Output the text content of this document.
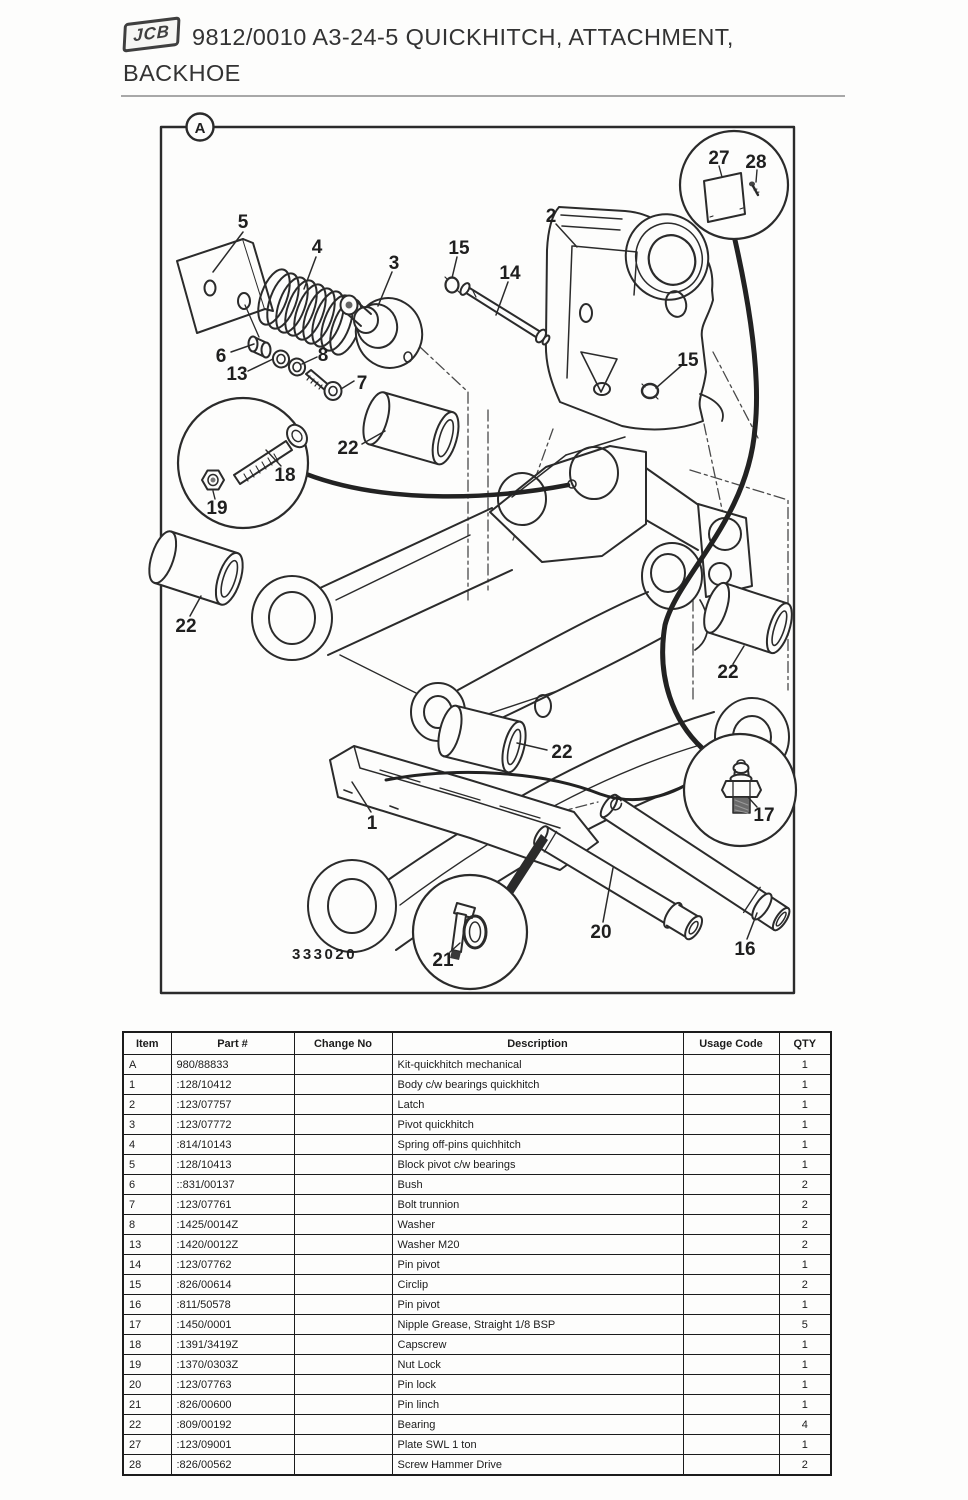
JCB 9812/0010 A3-24-5 QUICKHITCH, ATTACHMENT,
BACKHOE
A
5
4
3
15
14
2
27 28
15
6
13
8
7
22
18
19
22
22
22
1	17
20
16
21
333020
Item	Part #	Change No	Description	Usage Code	QTY
A	980/88833		Kit-quickhitch mechanical		1
1	:128/10412		Body c/w bearings quickhitch		1
2	:123/07757		Latch		1
3	:123/07772		Pivot quickhitch		1
4	:814/10143		Spring off-pins quichhitch		1
5	:128/10413		Block pivot c/w bearings		1
6	::831/00137		Bush		2
7	:123/07761		Bolt trunnion		2
8	:1425/0014Z		Washer		2
13	:1420/0012Z		Washer M20		2
14	:123/07762		Pin pivot		1
15	:826/00614		Circlip		2
16	:811/50578		Pin pivot		1
17	:1450/0001		Nipple Grease, Straight 1/8 BSP		5
18	:1391/3419Z		Capscrew		1
19	:1370/0303Z		Nut Lock		1
20	:123/07763		Pin lock		1
21	:826/00600		Pin linch		1
22	:809/00192		Bearing		4
27	:123/09001		Plate SWL 1 ton		1
28	:826/00562		Screw Hammer Drive		2
